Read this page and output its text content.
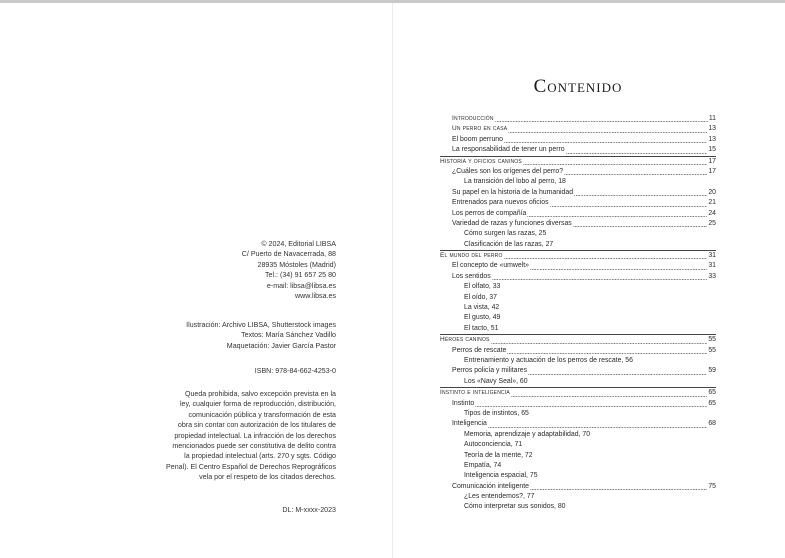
© 2024, Editorial LIBSA

C/ Puerto de Navacerrada, 88

28935 Móstoles (Madrid)

Tel.: (34) 91 657 25 80

e-mail: libsa@libsa.es

www.libsa.es

Ilustración: Archivo LIBSA, Shutterstock images

Textos: María Sánchez Vadillo

Maquetación: Javier García Pastor

ISBN: 978-84-662-4253-0

Queda prohibida, salvo excepción prevista en la

ley, cualquier forma de reproducción, distribución,

comunicación pública y transformación de esta

obra sin contar con autorización de los titulares de

propiedad intelectual. La infracción de los derechos

mencionados puede ser constitutiva de delito contra

la propiedad intelectual (arts. 270 y sgts. Código

Penal). El Centro Español de Derechos Reprográficos

vela por el respeto de los citados derechos.

DL: M-xxxx-2023

Contenido
Introducción	11
Un perro en casa	13
El boom perruno	13
La responsabilidad de tener un perro	15
Historia y oficios caninos	17
¿Cuáles son los orígenes del perro?	17
La transición del lobo al perro, 18
Su papel en la historia de la humanidad	20
Entrenados para nuevos oficios	21
Los perros de compañía	24
Variedad de razas y funciones diversas	25
Cómo surgen las razas, 25
Clasificación de las razas, 27
El mundo del perro	31
El concepto de «umwelt»	31
Los sentidos	33
El olfato, 33
El oído, 37
La vista, 42
El gusto, 49
El tacto, 51
Héroes caninos	55
Perros de rescate	55
Entrenamiento y actuación de los perros de rescate, 56
Perros policía y militares	59
Los «Navy Seal», 60
Instinto e inteligencia	65
Instinto	65
Tipos de instintos, 65
Inteligencia	68
Memoria, aprendizaje y adaptabilidad, 70
Autoconciencia, 71
Teoría de la mente, 72
Empatía, 74
Inteligencia espacial, 75
Comunicación inteligente	75
¿Les entendemos?, 77
Cómo interpretar sus sonidos, 80
